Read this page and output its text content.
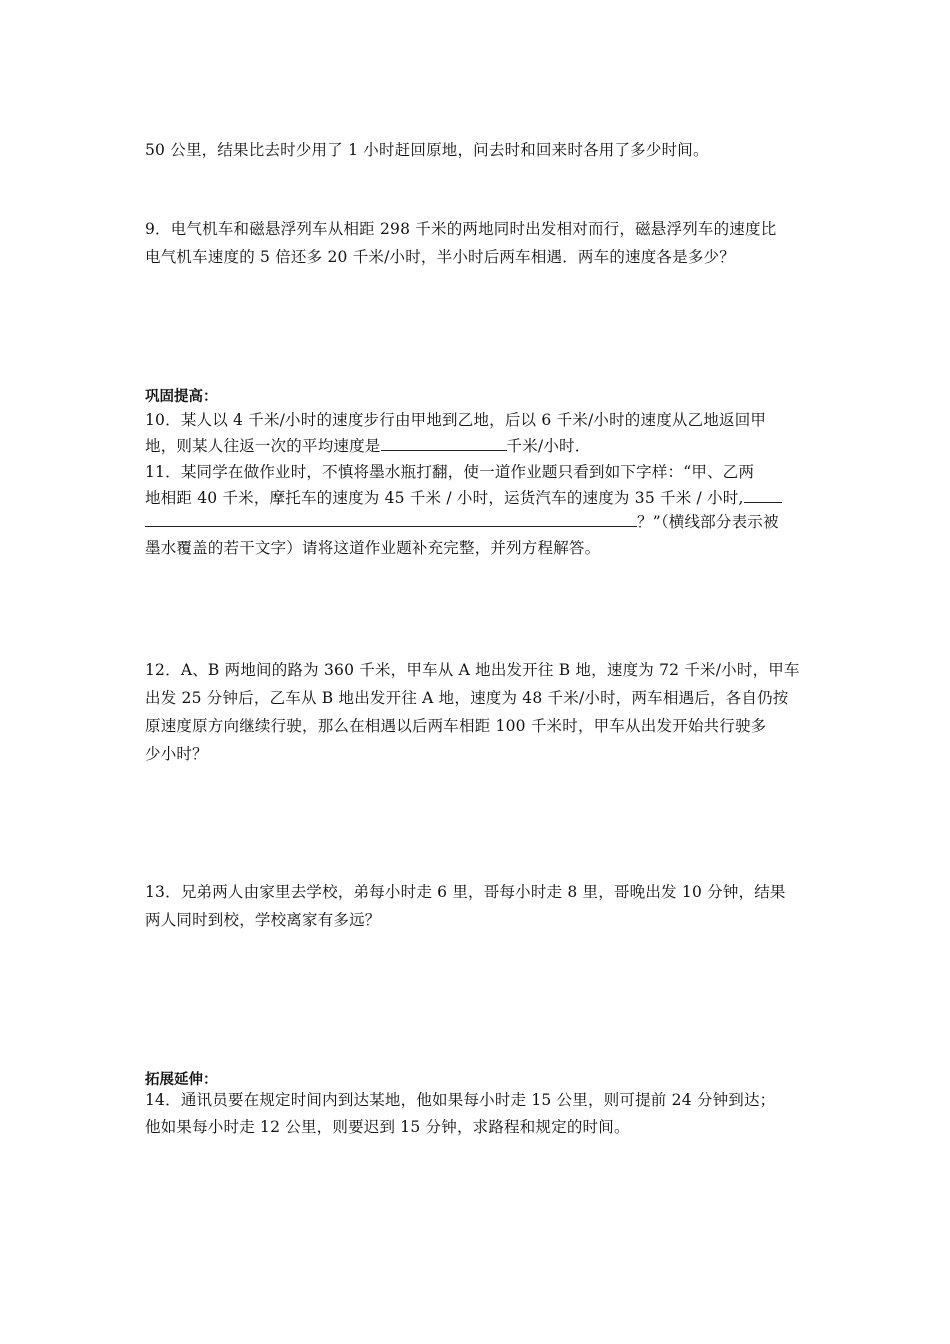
50 公里，结果比去时少用了 1 小时赶回原地，问去时和回来时各用了多少时间。
9．电气机车和磁悬浮列车从相距 298 千米的两地同时出发相对而行，磁悬浮列车的速度比
电气机车速度的 5 倍还多 20 千米/小时，半小时后两车相遇．两车的速度各是多少？
巩固提高：
10．某人以 4 千米/小时的速度步行由甲地到乙地，后以 6 千米/小时的速度从乙地返回甲
地，则某人往返一次的平均速度是	千米/小时．
11．某同学在做作业时，不慎将墨水瓶打翻，使一道作业题只看到如下字样：“甲、乙两
地相距 40 千米，摩托车的速度为 45 千米 / 小时，运货汽车的速度为 35 千米 / 小时,
？”（横线部分表示被
墨水覆盖的若干文字）请将这道作业题补充完整，并列方程解答。
12．A、B 两地间的路为 360 千米，甲车从 A 地出发开往 B 地，速度为 72 千米/小时，甲车
出发 25 分钟后，乙车从 B 地出发开往 A 地，速度为 48 千米/小时，两车相遇后，各自仍按
原速度原方向继续行驶，那么在相遇以后两车相距 100 千米时，甲车从出发开始共行驶多
少小时？
13．兄弟两人由家里去学校，弟每小时走 6 里，哥每小时走 8 里，哥晚出发 10 分钟，结果
两人同时到校，学校离家有多远？
拓展延伸：
14．通讯员要在规定时间内到达某地，他如果每小时走 15 公里，则可提前 24 分钟到达；
他如果每小时走 12 公里，则要迟到 15 分钟，求路程和规定的时间。
